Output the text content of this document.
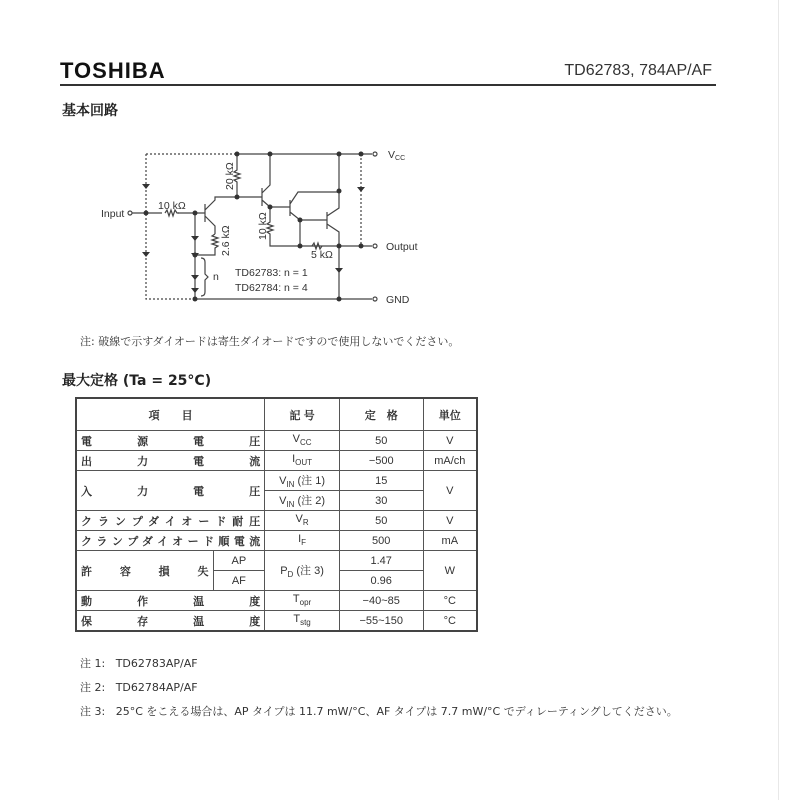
TOSHIBA	TD62783, 784AP/AF
基本回路
Input
VCC
Output
GND
10 kΩ
20 kΩ
2.6 kΩ 10 kΩ
5 kΩ
n TD62783: n = 1
TD62784: n = 4
注: 破線で示すダイオードは寄生ダイオードですので使用しないでください。
最大定格 (Ta = 25°C)
項　　目		記 号	定　格	単位
電源電圧		$V_{CC}$	50	V
出力電流		$I_{OUT}$	−500	mA/ch
入力電圧		$V_{IN}$ (注 1)	15	V
		$V_{IN}$ (注 2)	30	
クランプダイオード耐圧		$V_R$	50	V
クランプダイオード順電流		$I_F$	500	mA
許容損失	AP	$P_D$ (注 3)	1.47	W
	AF		0.96	
動作温度		$T_{opr}$	−40~85	°C
保存温度		$T_{stg}$	−55~150	°C
注 1: TD62783AP/AF
注 2: TD62784AP/AF
注 3: 25°C をこえる場合は、AP タイプは 11.7 mW/°C、AF タイプは 7.7 mW/°C でディレーティングしてください。
